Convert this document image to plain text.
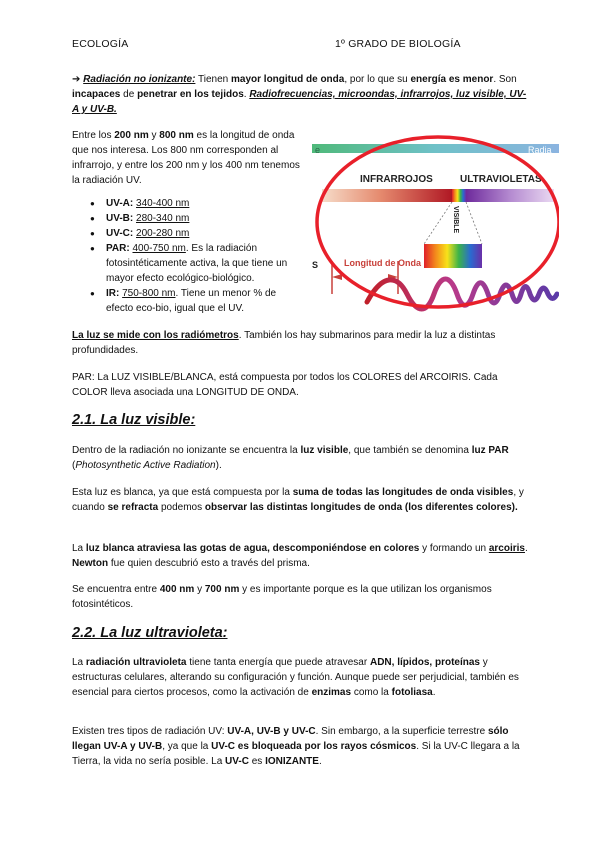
ECOLOGÍA	1º GRADO DE BIOLOGÍA

➔ Radiación no ionizante: Tienen mayor longitud de onda, por lo que su energía es menor. Son incapaces de penetrar en los tejidos. Radiofrecuencias, microondas, infrarrojos, luz visible, UV-A y UV-B.

Entre los 200 nm y 800 nm es la longitud de onda que nos interesa. Los 800 nm corresponden al infrarrojo, y entre los 200 nm y los 400 nm tenemos la radiación UV.

● UV-A: 340-400 nm
● UV-B: 280-340 nm
● UV-C: 200-280 nm
● PAR: 400-750 nm. Es la radiación fotosintéticamente activa, la que tiene un mayor efecto ecológico-biológico.
● IR: 750-800 nm. Tiene un menor % de efecto eco-bio, igual que el UV.
e	Radia
INFRARROJOS	ULTRAVIOLETAS
VISIBLE
Longitud de Onda
S

La luz se mide con los radiómetros. También los hay submarinos para medir la luz a distintas profundidades.

PAR: La LUZ VISIBLE/BLANCA, está compuesta por todos los COLORES del ARCOIRIS. Cada COLOR lleva asociada una LONGITUD DE ONDA.

2.1. La luz visible:

Dentro de la radiación no ionizante se encuentra la luz visible, que también se denomina luz PAR (Photosynthetic Active Radiation).

Esta luz es blanca, ya que está compuesta por la suma de todas las longitudes de onda visibles, y cuando se refracta podemos observar las distintas longitudes de onda (los diferentes colores).

La luz blanca atraviesa las gotas de agua, descomponiéndose en colores y formando un arcoiris. Newton fue quien descubrió esto a través del prisma.

Se encuentra entre 400 nm y 700 nm y es importante porque es la que utilizan los organismos fotosintéticos.

2.2. La luz ultravioleta:

La radiación ultravioleta tiene tanta energía que puede atravesar ADN, lípidos, proteínas y estructuras celulares, alterando su configuración y función. Aunque puede ser perjudicial, también es esencial para ciertos procesos, como la activación de enzimas como la fotoliasa.

Existen tres tipos de radiación UV: UV-A, UV-B y UV-C. Sin embargo, a la superficie terrestre sólo llegan UV-A y UV-B, ya que la UV-C es bloqueada por los rayos cósmicos. Si la UV-C llegara a la Tierra, la vida no sería posible. La UV-C es IONIZANTE.
